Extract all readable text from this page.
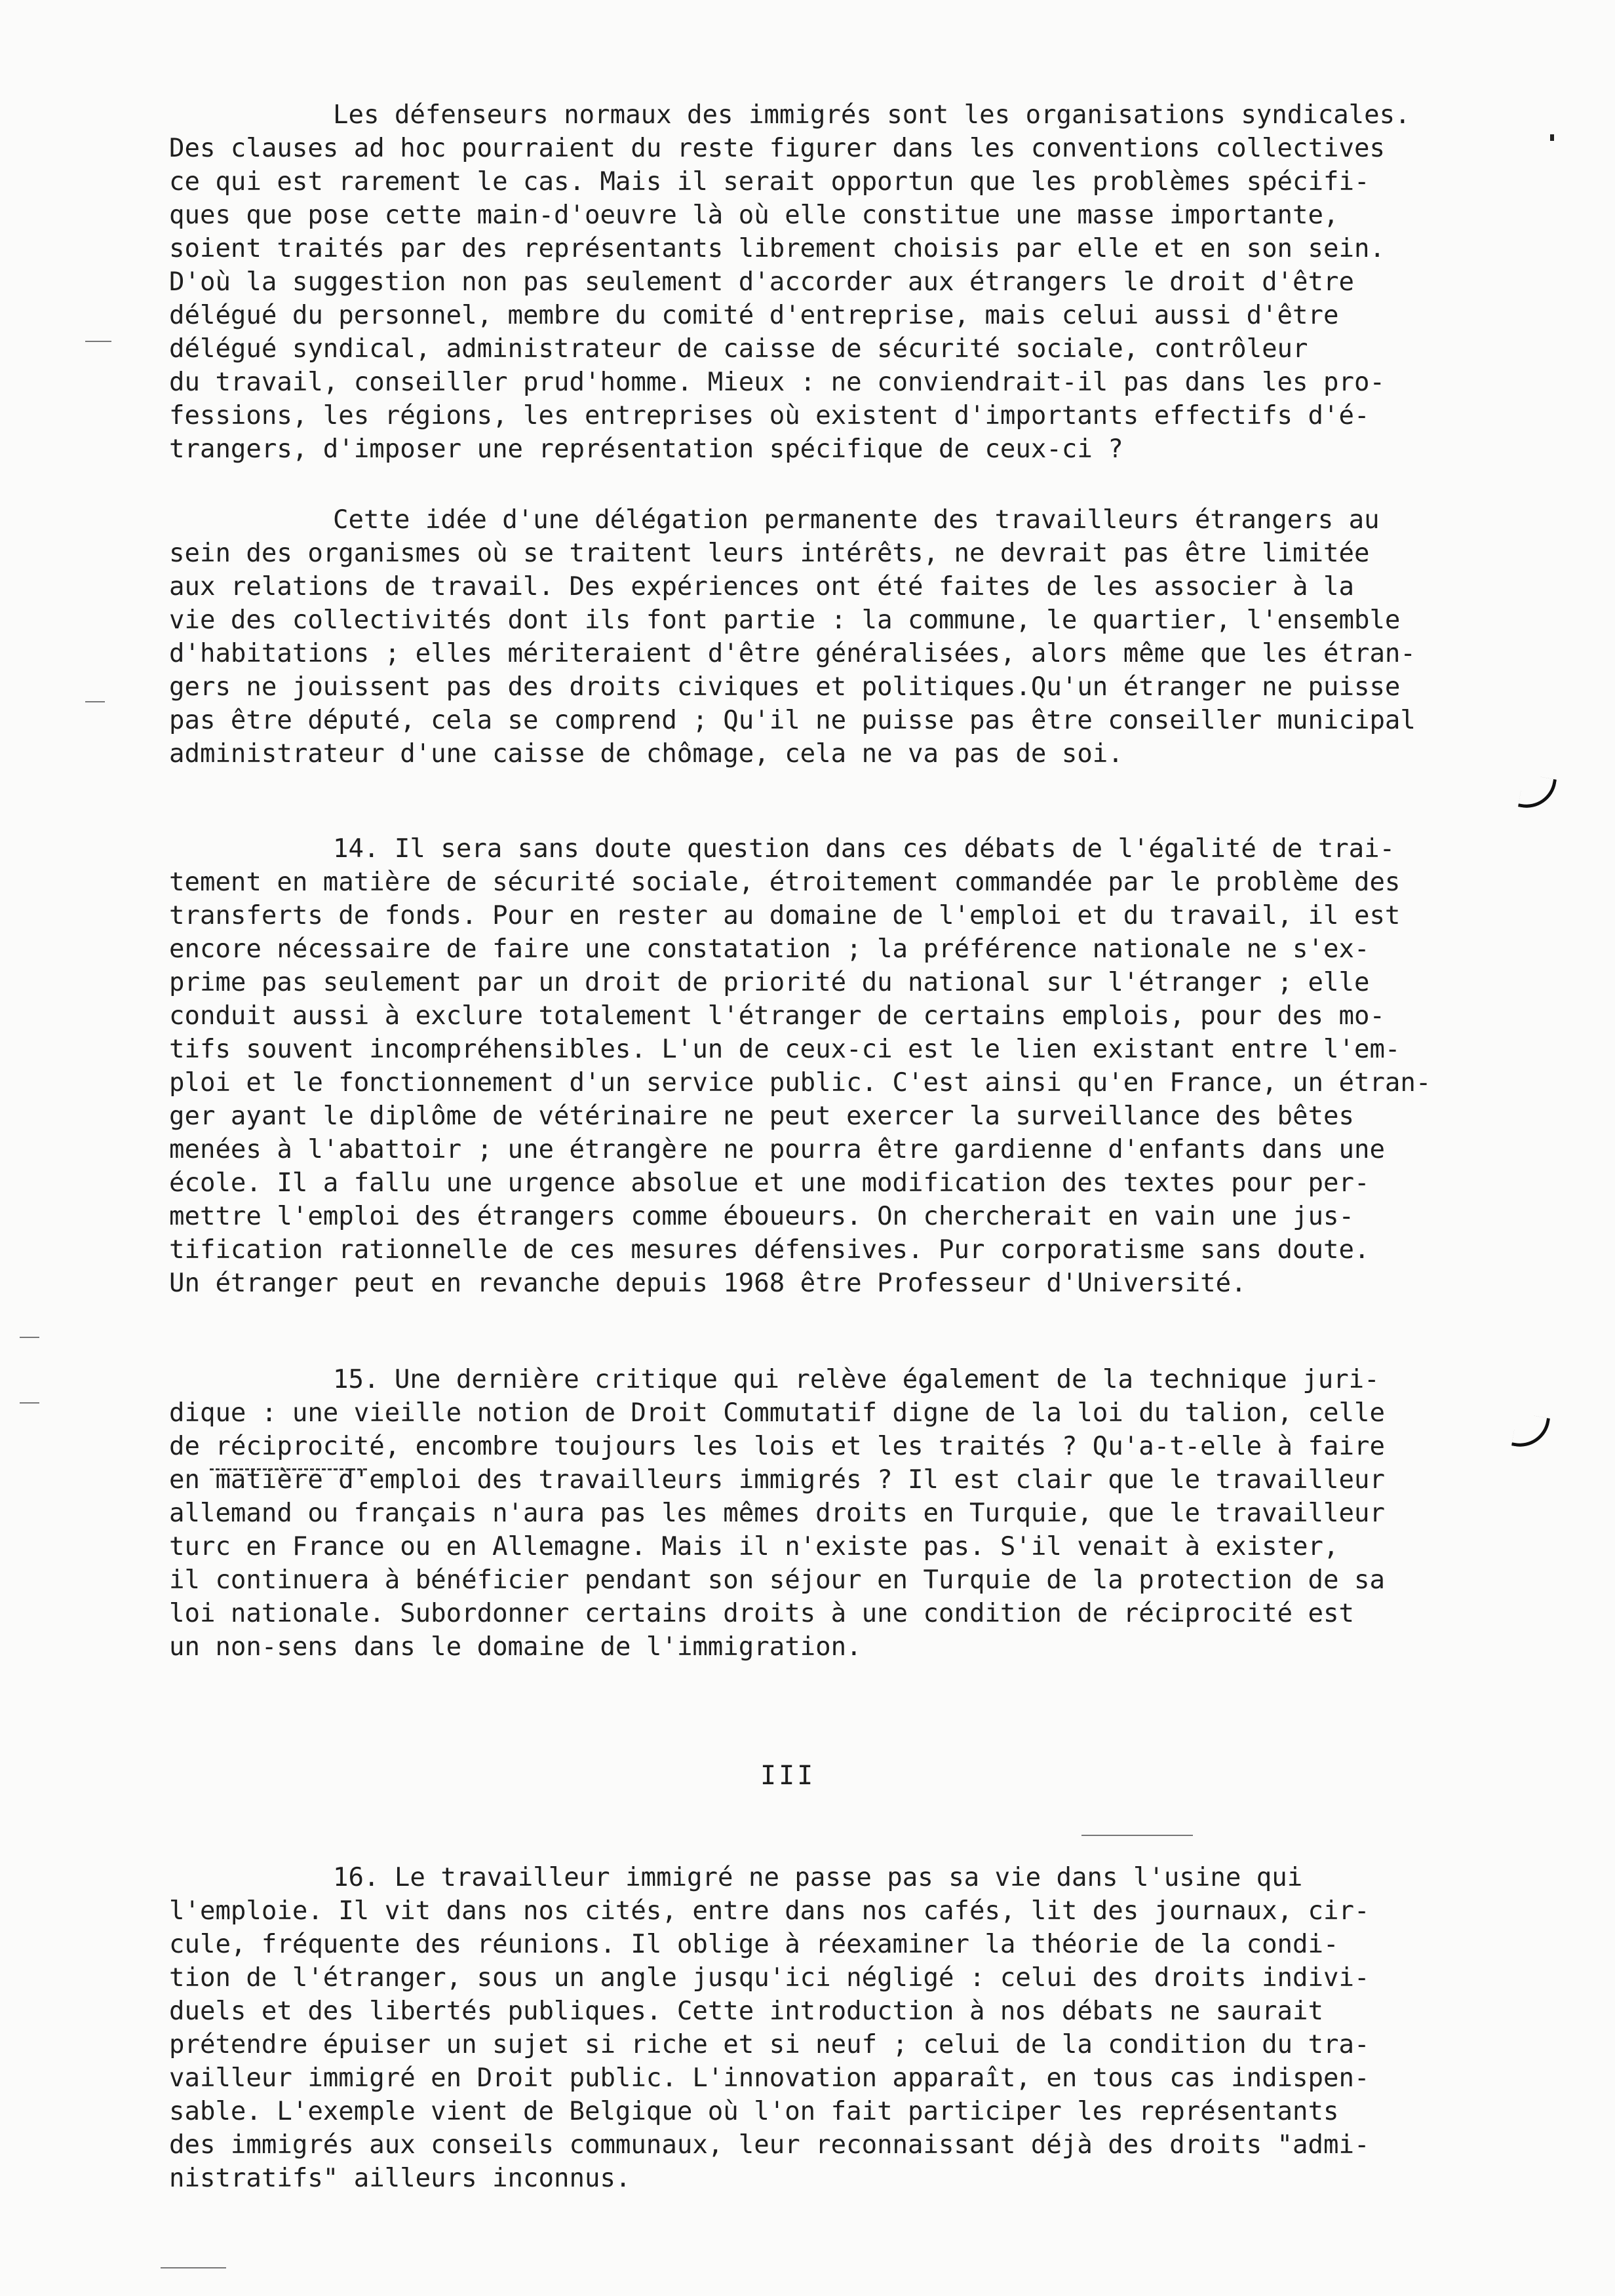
Les défenseurs normaux des immigrés sont les organisations syndicales.
Des clauses ad hoc pourraient du reste figurer dans les conventions collectives
ce qui est rarement le cas. Mais il serait opportun que les problèmes spécifi-
ques que pose cette main-d'oeuvre là où elle constitue une masse importante,
soient traités par des représentants librement choisis par elle et en son sein.
D'où la suggestion non pas seulement d'accorder aux étrangers le droit d'être
délégué du personnel, membre du comité d'entreprise, mais celui aussi d'être
délégué syndical, administrateur de caisse de sécurité sociale, contrôleur
du travail, conseiller prud'homme. Mieux : ne conviendrait-il pas dans les pro-
fessions, les régions, les entreprises où existent d'importants effectifs d'é-
trangers, d'imposer une représentation spécifique de ceux-ci ?
Cette idée d'une délégation permanente des travailleurs étrangers au
sein des organismes où se traitent leurs intérêts, ne devrait pas être limitée
aux relations de travail. Des expériences ont été faites de les associer à la
vie des collectivités dont ils font partie : la commune, le quartier, l'ensemble
d'habitations ; elles mériteraient d'être généralisées, alors même que les étran-
gers ne jouissent pas des droits civiques et politiques.Qu'un étranger ne puisse
pas être député, cela se comprend ; Qu'il ne puisse pas être conseiller municipal
administrateur d'une caisse de chômage, cela ne va pas de soi.
14. Il sera sans doute question dans ces débats de l'égalité de trai-
tement en matière de sécurité sociale, étroitement commandée par le problème des
transferts de fonds. Pour en rester au domaine de l'emploi et du travail, il est
encore nécessaire de faire une constatation ; la préférence nationale ne s'ex-
prime pas seulement par un droit de priorité du national sur l'étranger ; elle
conduit aussi à exclure totalement l'étranger de certains emplois, pour des mo-
tifs souvent incompréhensibles. L'un de ceux-ci est le lien existant entre l'em-
ploi et le fonctionnement d'un service public. C'est ainsi qu'en France, un étran-
ger ayant le diplôme de vétérinaire ne peut exercer la surveillance des bêtes
menées à l'abattoir ; une étrangère ne pourra être gardienne d'enfants dans une
école. Il a fallu une urgence absolue et une modification des textes pour per-
mettre l'emploi des étrangers comme éboueurs. On chercherait en vain une jus-
tification rationnelle de ces mesures défensives. Pur corporatisme sans doute.
Un étranger peut en revanche depuis 1968 être Professeur d'Université.
15. Une dernière critique qui relève également de la technique juri-
dique : une vieille notion de Droit Commutatif digne de la loi du talion, celle
de réciprocité, encombre toujours les lois et les traités ? Qu'a-t-elle à faire
en matière d'emploi des travailleurs immigrés ? Il est clair que le travailleur
allemand ou français n'aura pas les mêmes droits en Turquie, que le travailleur
turc en France ou en Allemagne. Mais il n'existe pas. S'il venait à exister,
il continuera à bénéficier pendant son séjour en Turquie de la protection de sa
loi nationale. Subordonner certains droits à une condition de réciprocité est
un non-sens dans le domaine de l'immigration.
III
16. Le travailleur immigré ne passe pas sa vie dans l'usine qui
l'emploie. Il vit dans nos cités, entre dans nos cafés, lit des journaux, cir-
cule, fréquente des réunions. Il oblige à réexaminer la théorie de la condi-
tion de l'étranger, sous un angle jusqu'ici négligé : celui des droits indivi-
duels et des libertés publiques. Cette introduction à nos débats ne saurait
prétendre épuiser un sujet si riche et si neuf ; celui de la condition du tra-
vailleur immigré en Droit public. L'innovation apparaît, en tous cas indispen-
sable. L'exemple vient de Belgique où l'on fait participer les représentants
des immigrés aux conseils communaux, leur reconnaissant déjà des droits "admi-
nistratifs" ailleurs inconnus.
